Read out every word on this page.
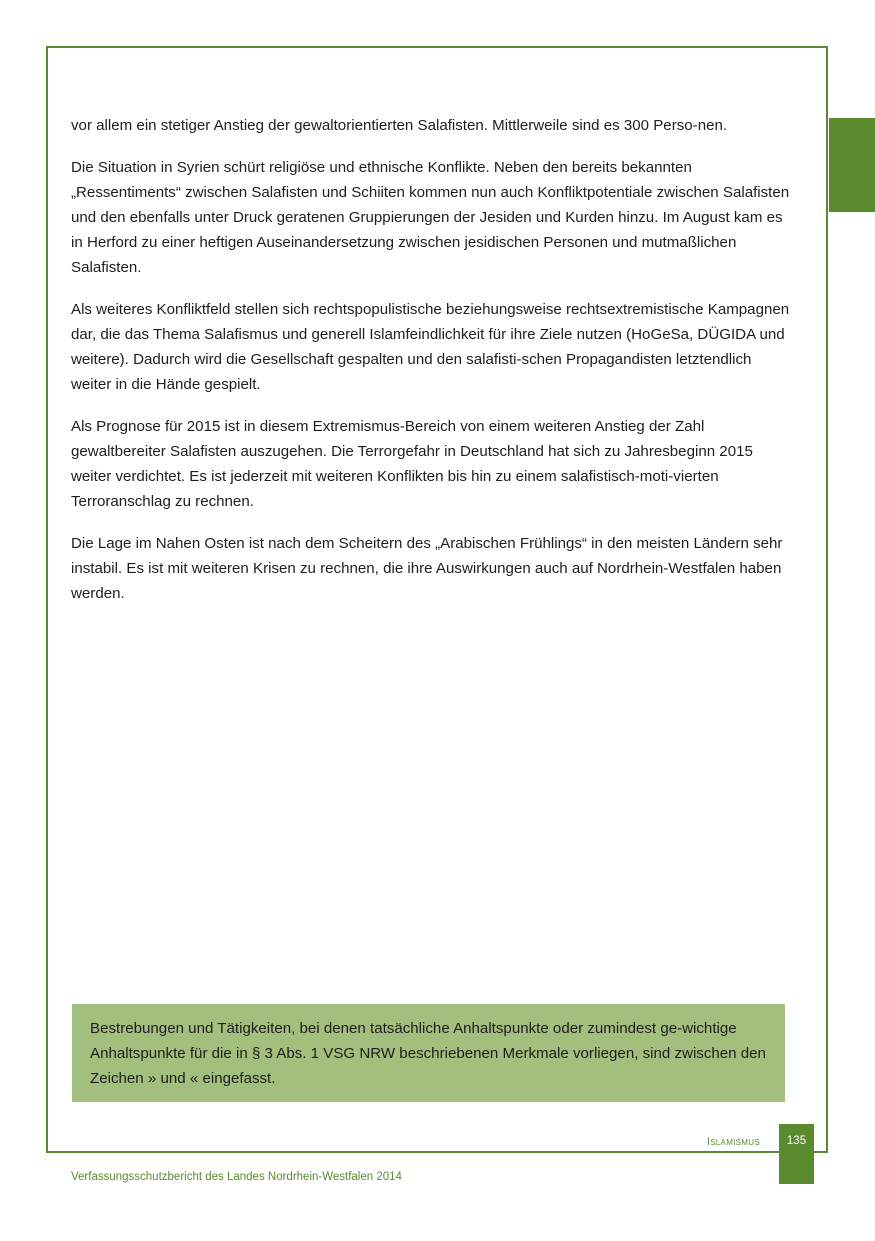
vor allem ein stetiger Anstieg der gewaltorientierten Salafisten. Mittlerweile sind es 300 Perso-nen.

Die Situation in Syrien schürt religiöse und ethnische Konflikte. Neben den bereits bekannten „Ressentiments“ zwischen Salafisten und Schiiten kommen nun auch Konfliktpotentiale zwischen Salafisten und den ebenfalls unter Druck geratenen Gruppierungen der Jesiden und Kurden hinzu. Im August kam es in Herford zu einer heftigen Auseinandersetzung zwischen jesidischen Personen und mutmaßlichen Salafisten.

Als weiteres Konfliktfeld stellen sich rechtspopulistische beziehungsweise rechtsextremistische Kampagnen dar, die das Thema Salafismus und generell Islamfeindlichkeit für ihre Ziele nutzen (HoGeSa, DÜGIDA und weitere). Dadurch wird die Gesellschaft gespalten und den salafisti-schen Propagandisten letztendlich weiter in die Hände gespielt.

Als Prognose für 2015 ist in diesem Extremismus-Bereich von einem weiteren Anstieg der Zahl gewaltbereiter Salafisten auszugehen. Die Terrorgefahr in Deutschland hat sich zu Jahresbeginn 2015 weiter verdichtet. Es ist jederzeit mit weiteren Konflikten bis hin zu einem salafistisch-moti-vierten Terroranschlag zu rechnen.

Die Lage im Nahen Osten ist nach dem Scheitern des „Arabischen Frühlings“ in den meisten Ländern sehr instabil. Es ist mit weiteren Krisen zu rechnen, die ihre Auswirkungen auch auf Nordrhein-Westfalen haben werden.

Bestrebungen und Tätigkeiten, bei denen tatsächliche Anhaltspunkte oder zumindest ge-wichtige Anhaltspunkte für die in § 3 Abs. 1 VSG NRW beschriebenen Merkmale vorliegen, sind zwischen den Zeichen » und « eingefasst.
Islamismus	135
Verfassungsschutzbericht des Landes Nordrhein-Westfalen 2014
